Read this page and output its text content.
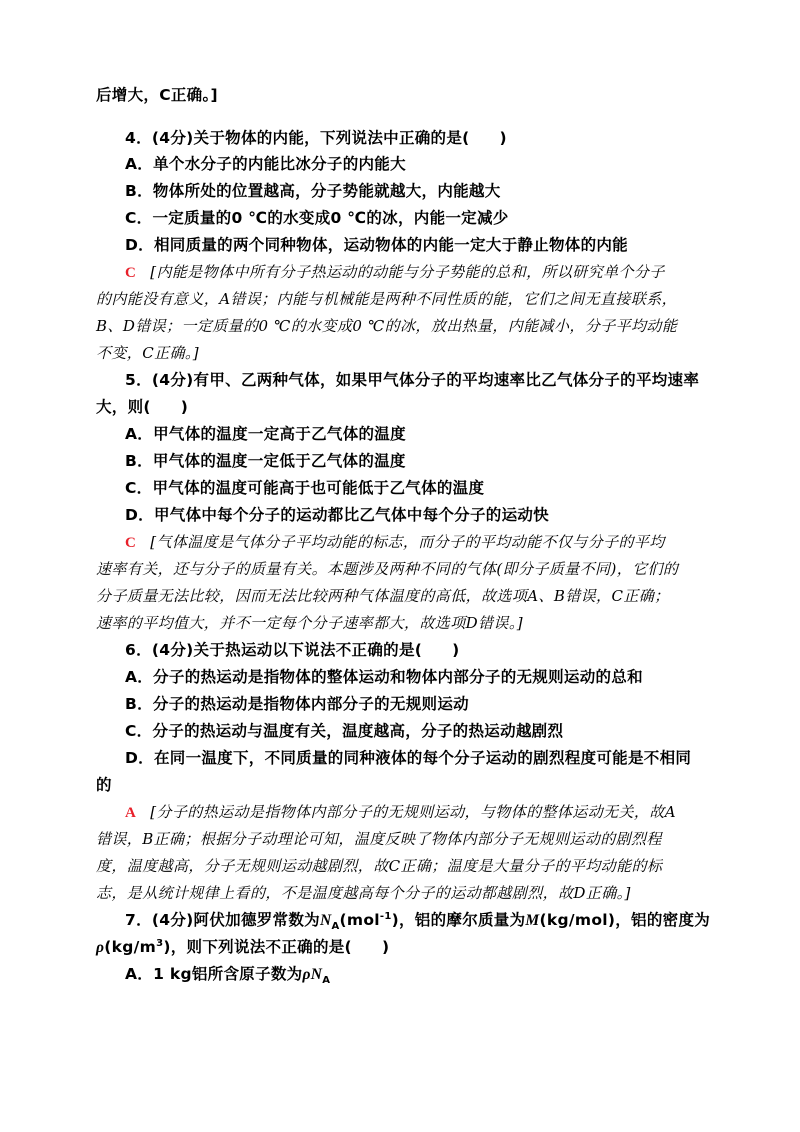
后增大，C正确。]
4．(4分)关于物体的内能，下列说法中正确的是( )
A．单个水分子的内能比冰分子的内能大
B．物体所处的位置越高，分子势能就越大，内能越大
C．一定质量的0 ℃的水变成0 ℃的冰，内能一定减少
D．相同质量的两个同种物体，运动物体的内能一定大于静止物体的内能
C [内能是物体中所有分子热运动的动能与分子势能的总和，所以研究单个分子
的内能没有意义，A错误；内能与机械能是两种不同性质的能，它们之间无直接联系，
B、D错误；一定质量的0 ℃的水变成0 ℃的冰，放出热量，内能减小，分子平均动能
不变，C正确。]
5．(4分)有甲、乙两种气体，如果甲气体分子的平均速率比乙气体分子的平均速率
大，则( )
A．甲气体的温度一定高于乙气体的温度
B．甲气体的温度一定低于乙气体的温度
C．甲气体的温度可能高于也可能低于乙气体的温度
D．甲气体中每个分子的运动都比乙气体中每个分子的运动快
C [气体温度是气体分子平均动能的标志，而分子的平均动能不仅与分子的平均
速率有关，还与分子的质量有关。本题涉及两种不同的气体(即分子质量不同)，它们的
分子质量无法比较，因而无法比较两种气体温度的高低，故选项A、B错误，C正确；
速率的平均值大，并不一定每个分子速率都大，故选项D错误。]
6．(4分)关于热运动以下说法不正确的是( )
A．分子的热运动是指物体的整体运动和物体内部分子的无规则运动的总和
B．分子的热运动是指物体内部分子的无规则运动
C．分子的热运动与温度有关，温度越高，分子的热运动越剧烈
D．在同一温度下，不同质量的同种液体的每个分子运动的剧烈程度可能是不相同
的
A [分子的热运动是指物体内部分子的无规则运动，与物体的整体运动无关，故A
错误，B正确；根据分子动理论可知，温度反映了物体内部分子无规则运动的剧烈程
度，温度越高，分子无规则运动越剧烈，故C正确；温度是大量分子的平均动能的标
志，是从统计规律上看的，不是温度越高每个分子的运动都越剧烈，故D正确。]
7．(4分)阿伏加德罗常数为$N_A(mol^{-1})$，铝的摩尔质量为M(kg/mol)，铝的密度为
$\rho(kg/m^3)$，则下列说法不正确的是( )
A．1 kg铝所含原子数为$\rho N_A$
